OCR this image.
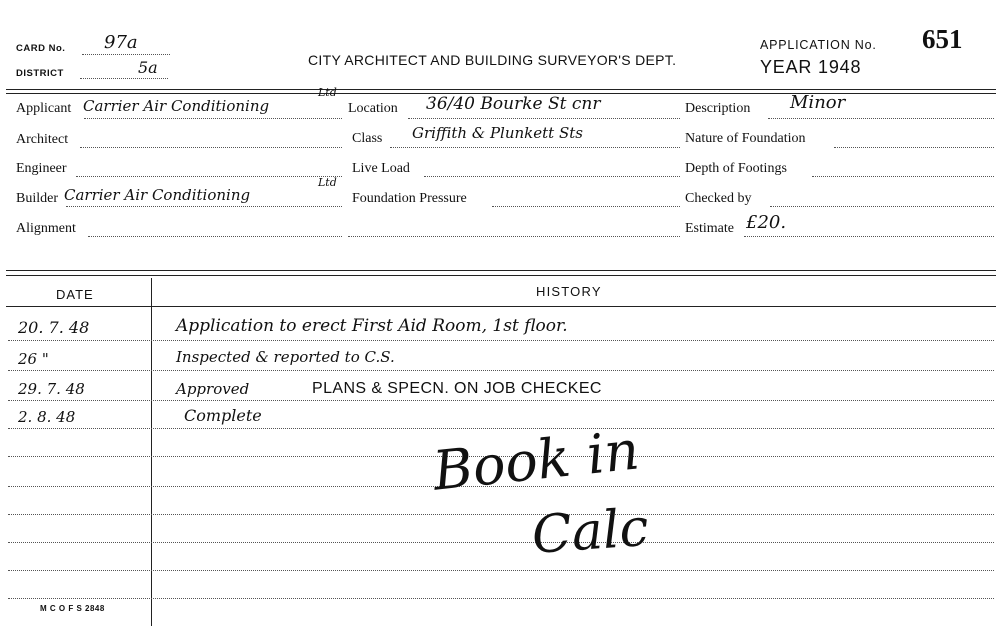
CARD No. 97a
DISTRICT	5a	CITY ARCHITECT AND BUILDING SURVEYOR'S DEPT.
APPLICATION No. 651
YEAR 1948
Applicant Carrier Air Conditioning
Ltd
Architect
Engineer
Builder Carrier Air Conditioning
Ltd
Alignment
Location 36/40 Bourke St cnr
Class Griffith & Plunkett Sts
Live Load
Foundation Pressure
Description Minor
Nature of Foundation
Depth of Footings
Checked by
Estimate £20.
DATE	HISTORY
20. 7. 48	Application to erect First Aid Room, 1st floor.
26 "	Inspected & reported to C.S.
29. 7. 48	Approved	PLANS & SPECN. ON JOB CHECKEC
2. 8. 48	Complete
Book in
Calc
M C O F S 2848
